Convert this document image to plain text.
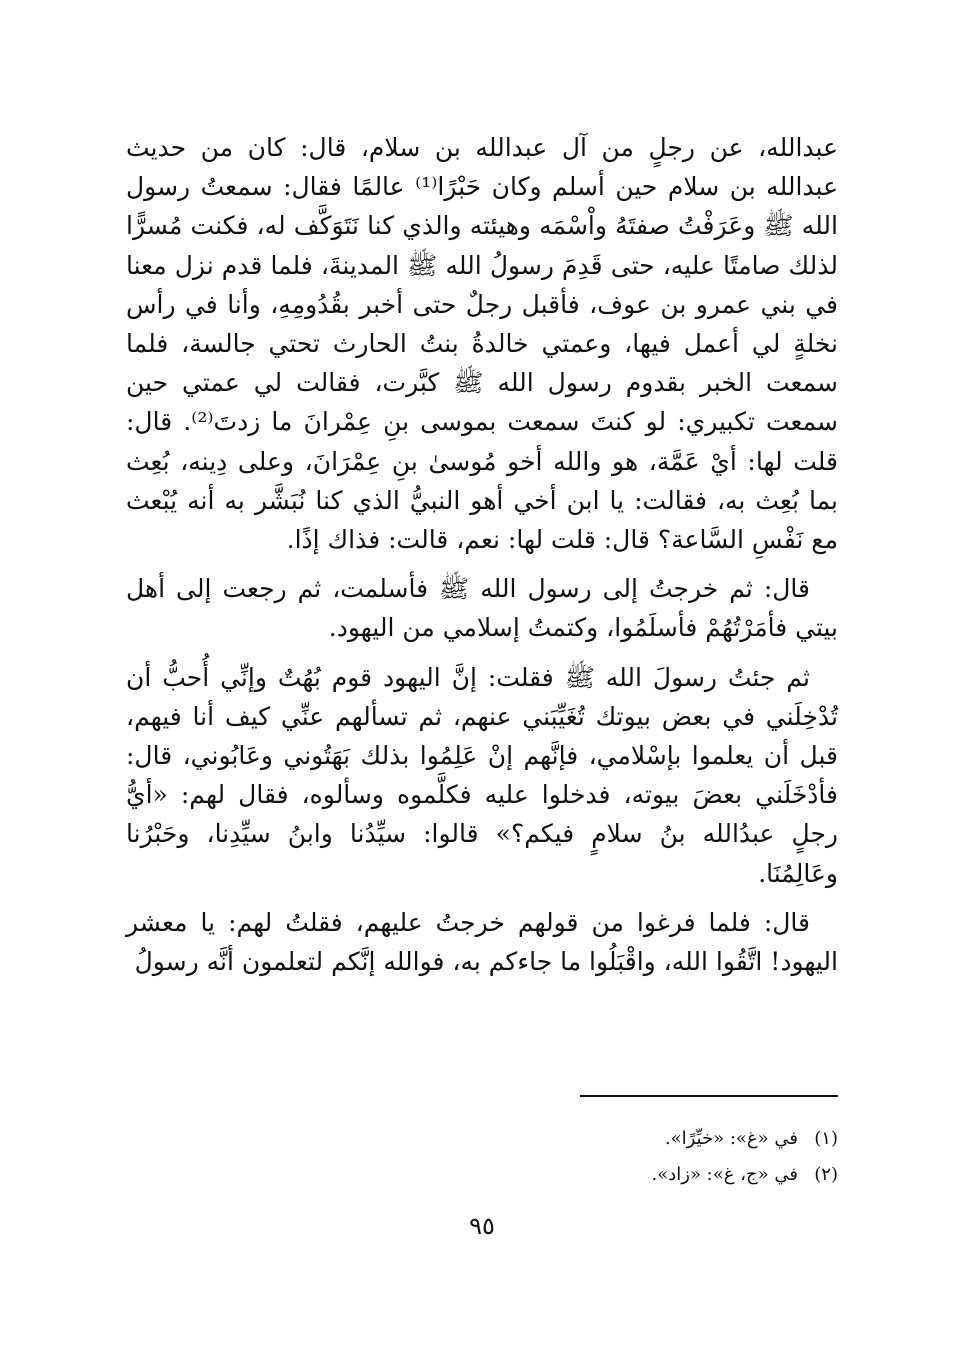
عبدالله، عن رجلٍ من آل عبدالله بن سلام، قال: كان من حديث عبدالله بن سلام حين أسلم وكان حَبْرًا⁽¹⁾ عالمًا فقال: سمعتُ رسول الله ﷺ وعَرَفْتُ صفتَهُ واْسْمَه وهيئته والذي كنا نَتَوَكَّف له، فكنت مُسرًّا لذلك صامتًا عليه، حتى قَدِمَ رسولُ الله ﷺ المدينةَ، فلما قدم نزل معنا في بني عمرو بن عوف، فأقبل رجلٌ حتى أخبر بقُدُومِهِ، وأنا في رأس نخلةٍ لي أعمل فيها، وعمتي خالدةُ بنتُ الحارث تحتي جالسة، فلما سمعت الخبر بقدوم رسول الله ﷺ كبَّرت، فقالت لي عمتي حين سمعت تكبيري: لو كنتَ سمعت بموسى بنِ عِمْرانَ ما زدتَ⁽²⁾. قال: قلت لها: أيْ عَمَّة، هو والله أخو مُوسىٰ بنِ عِمْرَانَ، وعلى دِينه، بُعِث بما بُعِث به، فقالت: يا ابن أخي أهو النبيُّ الذي كنا نُبَشَّر به أنه يُبْعث مع نَفْسِ السَّاعة؟ قال: قلت لها: نعم، قالت: فذاك إذًا.

قال: ثم خرجتُ إلى رسول الله ﷺ فأسلمت، ثم رجعت إلى أهل بيتي فأمَرْتُهُمْ فأسلَمُوا، وكتمتُ إسلامي من اليهود.

ثم جئتُ رسولَ الله ﷺ فقلت: إنَّ اليهود قوم بُهُتٌ وإنِّي أُحبُّ أن تُدْخِلَني في بعض بيوتك تُغَيِّبَني عنهم، ثم تسألهم عنِّي كيف أنا فيهم، قبل أن يعلموا بإسْلامي، فإنَّهم إنْ عَلِمُوا بذلك بَهَتُوني وعَابُوني، قال: فأدْخَلَني بعضَ بيوته، فدخلوا عليه فكلَّموه وسألوه، فقال لهم: «أيُّ رجلٍ عبدُالله بنُ سلامٍ فيكم؟» قالوا: سيِّدُنا وابنُ سيِّدِنا، وحَبْرُنا وعَالِمُنَا.

قال: فلما فرغوا من قولهم خرجتُ عليهم، فقلتُ لهم: يا معشر اليهود! اتَّقُوا الله، واقْبَلُوا ما جاءكم به، فوالله إنَّكم لتعلمون أنَّه رسولُ

(١)في «غ»: «خيِّرًا».

(٢)في «ج، غ»: «زاد».

٩٥
